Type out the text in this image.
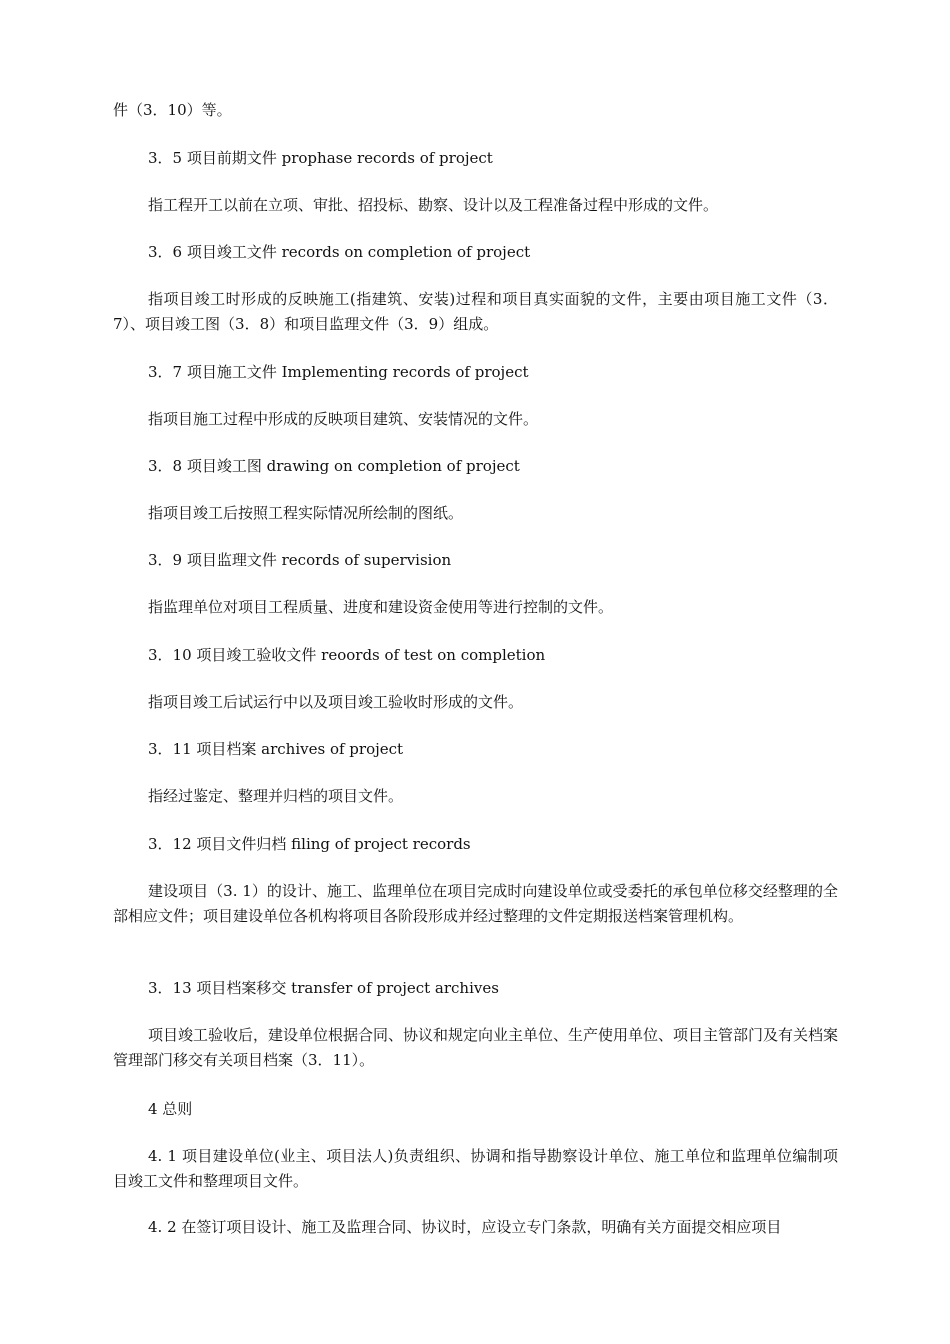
件（3．10）等。

3．5 项目前期文件 prophase records of project

指工程开工以前在立项、审批、招投标、勘察、设计以及工程准备过程中形成的文件。

3．6 项目竣工文件 records on completion of project

指项目竣工时形成的反映施工(指建筑、安装)过程和项目真实面貌的文件，主要由项目施工文件（3．7）、项目竣工图（3．8）和项目监理文件（3．9）组成。

3．7 项目施工文件 Implementing records of project

指项目施工过程中形成的反映项目建筑、安装情况的文件。

3．8 项目竣工图 drawing on completion of project

指项目竣工后按照工程实际情况所绘制的图纸。

3．9 项目监理文件 records of supervision

指监理单位对项目工程质量、进度和建设资金使用等进行控制的文件。

3．10 项目竣工验收文件 reoords of test on completion

指项目竣工后试运行中以及项目竣工验收时形成的文件。

3．11 项目档案 archives of project

指经过鉴定、整理并归档的项目文件。

3．12 项目文件归档 filing of project records

建设项目（3. 1）的设计、施工、监理单位在项目完成时向建设单位或受委托的承包单位移交经整理的全部相应文件；项目建设单位各机构将项目各阶段形成并经过整理的文件定期报送档案管理机构。

3．13 项目档案移交 transfer of project archives

项目竣工验收后，建设单位根据合同、协议和规定向业主单位、生产使用单位、项目主管部门及有关档案管理部门移交有关项目档案（3．11）。

4 总则

4. 1 项目建设单位(业主、项目法人)负责组织、协调和指导勘察设计单位、施工单位和监理单位编制项目竣工文件和整理项目文件。

4. 2 在签订项目设计、施工及监理合同、协议时，应设立专门条款，明确有关方面提交相应项目
